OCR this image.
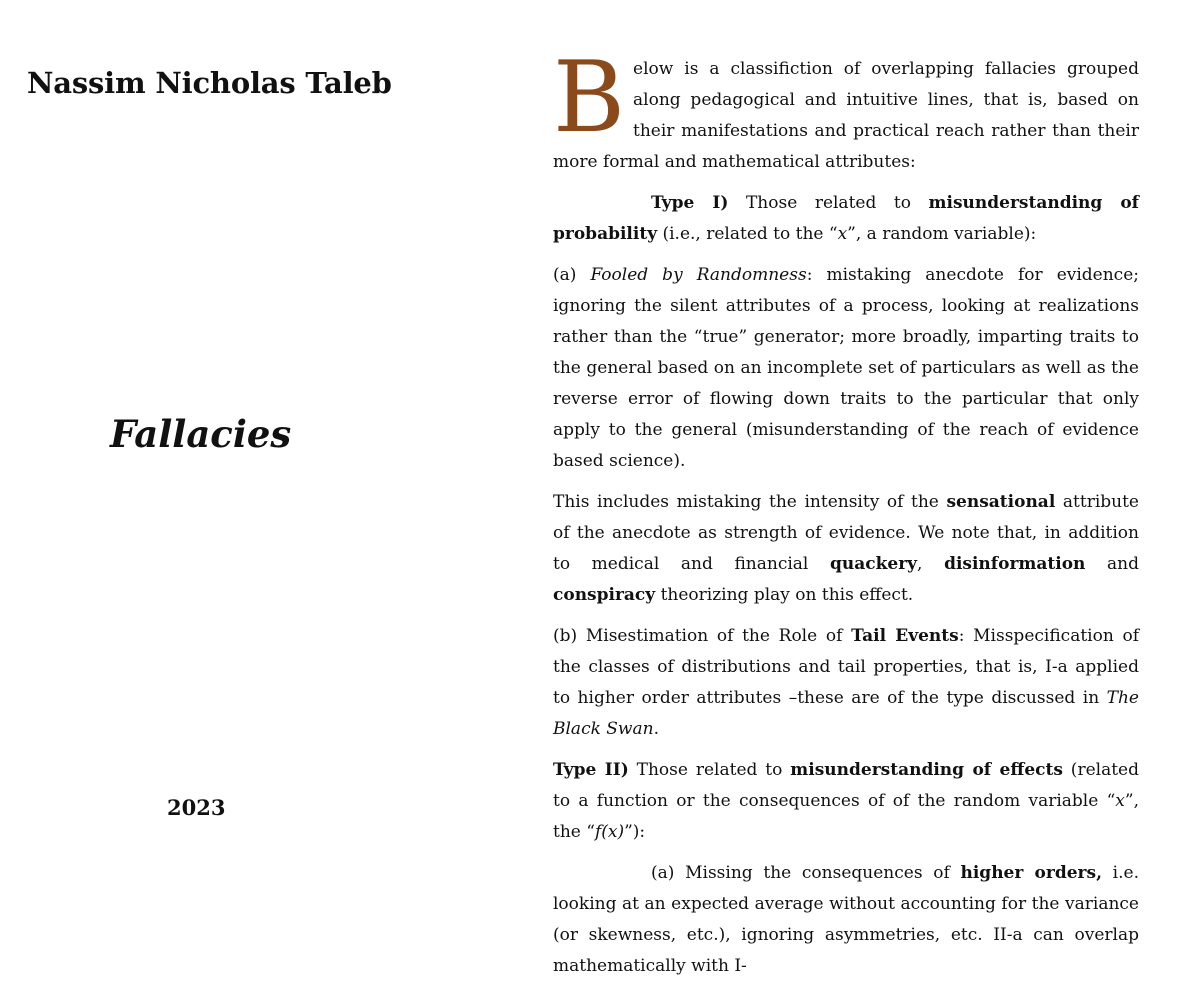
Nassim Nicholas Taleb
Fallacies
2023

Below is a classifiction of overlapping fallacies grouped along pedagogical and intuitive lines, that is, based on their manifestations and practical reach rather than their more formal and mathematical attributes:

Type I) Those related to misunderstanding of probability (i.e., related to the “x”, a random variable):

(a) Fooled by Randomness: mistaking anecdote for evidence; ignoring the silent attributes of a process, looking at realizations rather than the “true” generator; more broadly, imparting traits to the general based on an incomplete set of particulars as well as the reverse error of flowing down traits to the particular that only apply to the general (misunderstanding of the reach of evidence based science).

This includes mistaking the intensity of the sensational attribute of the anecdote as strength of evidence. We note that, in addition to medical and financial quackery, disinformation and conspiracy theorizing play on this effect.

(b) Misestimation of the Role of Tail Events: Misspecification of the classes of distributions and tail properties, that is, I-a applied to higher order attributes –these are of the type discussed in The Black Swan.

Type II) Those related to misunderstanding of effects (related to a function or the consequences of of the random variable “x”, the “f(x)”):

(a) Missing the consequences of higher orders, i.e. looking at an expected average without accounting for the variance (or skewness, etc.), ignoring asymmetries, etc. II-a can overlap mathematically with I-
